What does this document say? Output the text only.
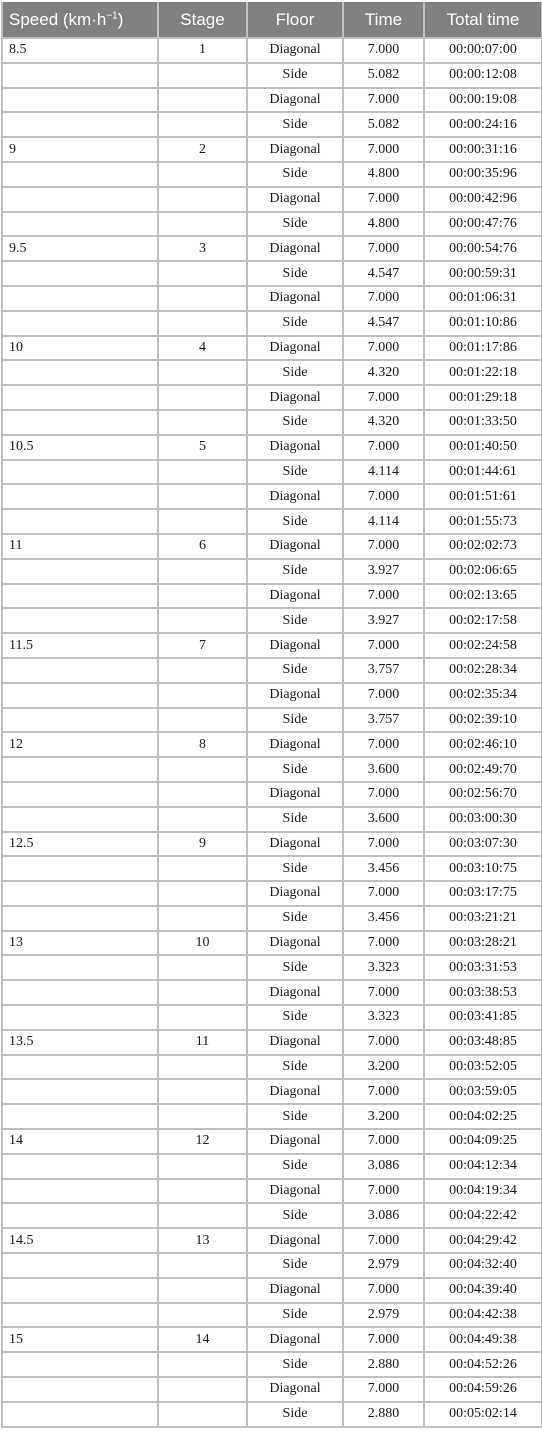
Speed $(km\cdot h^{-1})$	Stage	Floor	Time	Total time
8.5	1	Diagonal	7.000	00:00:07:00
		Side	5.082	00:00:12:08
		Diagonal	7.000	00:00:19:08
		Side	5.082	00:00:24:16
9	2	Diagonal	7.000	00:00:31:16
		Side	4.800	00:00:35:96
		Diagonal	7.000	00:00:42:96
		Side	4.800	00:00:47:76
9.5	3	Diagonal	7.000	00:00:54:76
		Side	4.547	00:00:59:31
		Diagonal	7.000	00:01:06:31
		Side	4.547	00:01:10:86
10	4	Diagonal	7.000	00:01:17:86
		Side	4.320	00:01:22:18
		Diagonal	7.000	00:01:29:18
		Side	4.320	00:01:33:50
10.5	5	Diagonal	7.000	00:01:40:50
		Side	4.114	00:01:44:61
		Diagonal	7.000	00:01:51:61
		Side	4.114	00:01:55:73
11	6	Diagonal	7.000	00:02:02:73
		Side	3.927	00:02:06:65
		Diagonal	7.000	00:02:13:65
		Side	3.927	00:02:17:58
11.5	7	Diagonal	7.000	00:02:24:58
		Side	3.757	00:02:28:34
		Diagonal	7.000	00:02:35:34
		Side	3.757	00:02:39:10
12	8	Diagonal	7.000	00:02:46:10
		Side	3.600	00:02:49:70
		Diagonal	7.000	00:02:56:70
		Side	3.600	00:03:00:30
12.5	9	Diagonal	7.000	00:03:07:30
		Side	3.456	00:03:10:75
		Diagonal	7.000	00:03:17:75
		Side	3.456	00:03:21:21
13	10	Diagonal	7.000	00:03:28:21
		Side	3.323	00:03:31:53
		Diagonal	7.000	00:03:38:53
		Side	3.323	00:03:41:85
13.5	11	Diagonal	7.000	00:03:48:85
		Side	3.200	00:03:52:05
		Diagonal	7.000	00:03:59:05
		Side	3.200	00:04:02:25
14	12	Diagonal	7.000	00:04:09:25
		Side	3.086	00:04:12:34
		Diagonal	7.000	00:04:19:34
		Side	3.086	00:04:22:42
14.5	13	Diagonal	7.000	00:04:29:42
		Side	2.979	00:04:32:40
		Diagonal	7.000	00:04:39:40
		Side	2.979	00:04:42:38
15	14	Diagonal	7.000	00:04:49:38
		Side	2.880	00:04:52:26
		Diagonal	7.000	00:04:59:26
		Side	2.880	00:05:02:14
